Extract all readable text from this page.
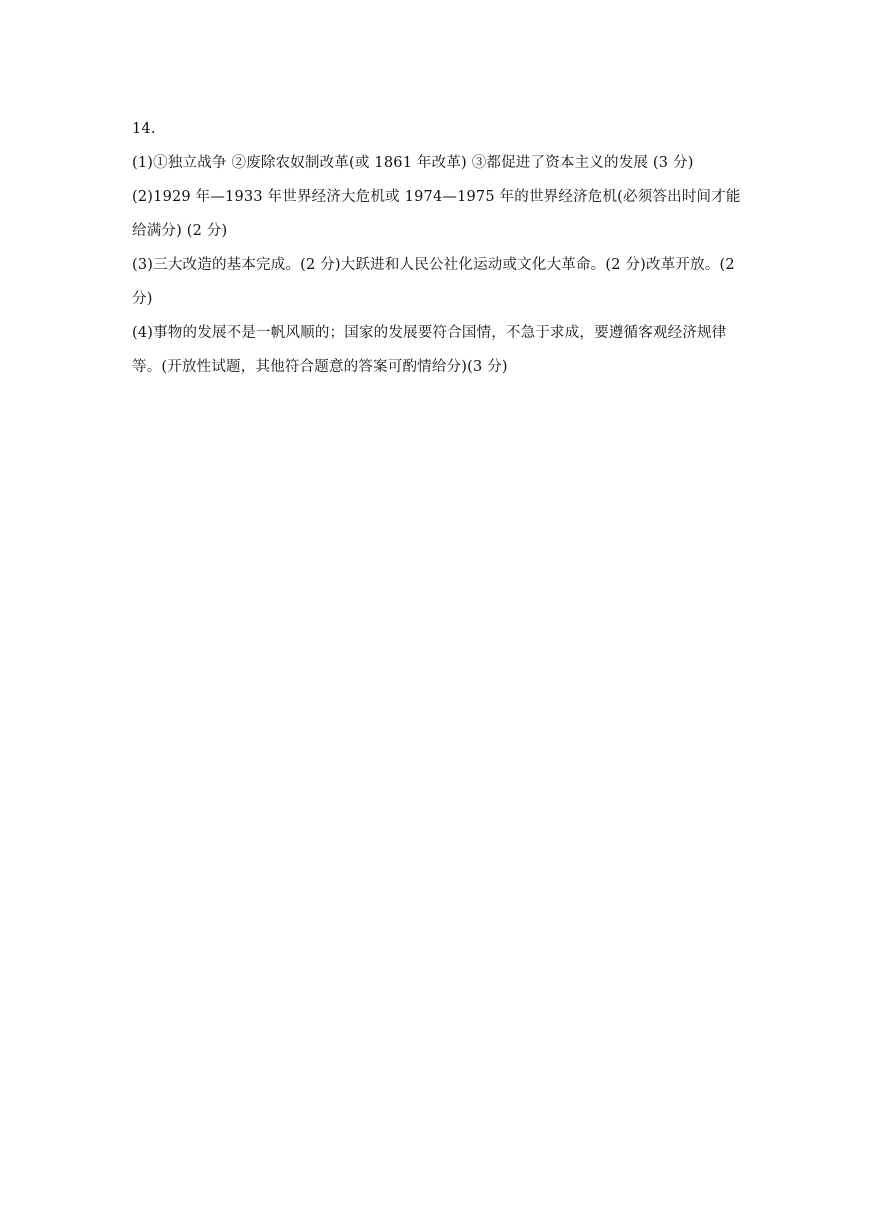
14.
(1)①独立战争 ②废除农奴制改革(或 1861 年改革) ③都促进了资本主义的发展 (3 分)
(2)1929 年—1933 年世界经济大危机或 1974—1975 年的世界经济危机(必须答出时间才能给满分) (2 分)
(3)三大改造的基本完成。(2 分)大跃进和人民公社化运动或文化大革命。(2 分)改革开放。(2 分)
(4)事物的发展不是一帆风顺的；国家的发展要符合国情，不急于求成，要遵循客观经济规律等。(开放性试题，其他符合题意的答案可酌情给分)(3 分)
